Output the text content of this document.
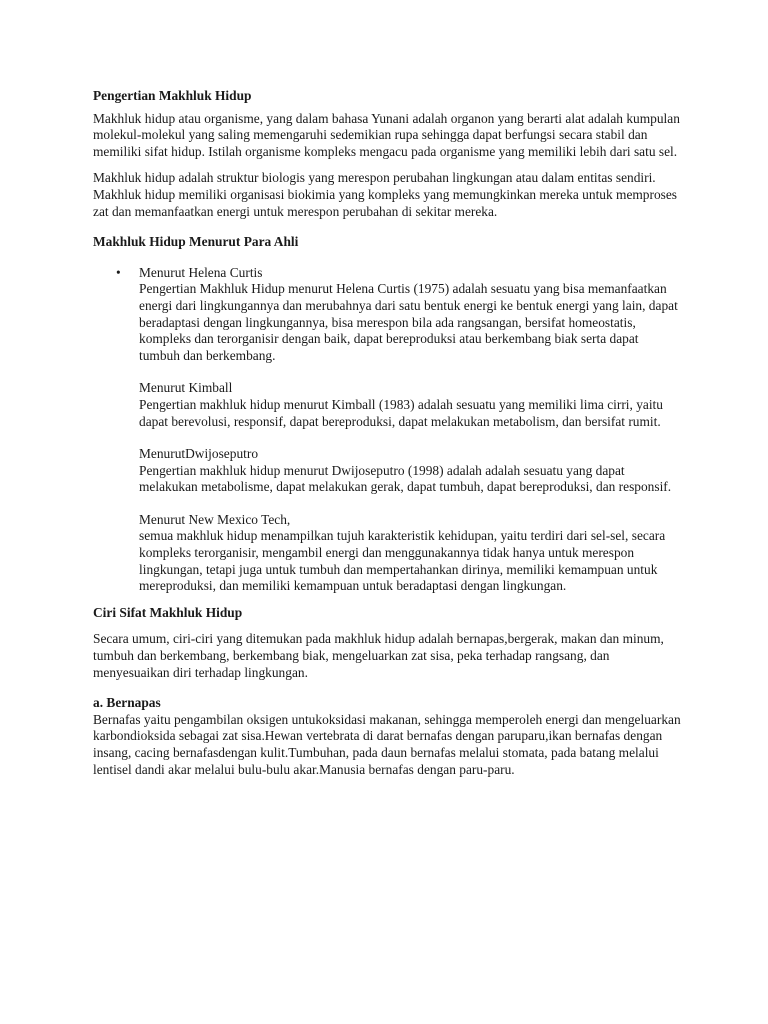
Pengertian Makhluk Hidup

Makhluk hidup atau organisme, yang dalam bahasa Yunani adalah organon yang berarti alat adalah kumpulan molekul-molekul yang saling memengaruhi sedemikian rupa sehingga dapat berfungsi secara stabil dan memiliki sifat hidup. Istilah organisme kompleks mengacu pada organisme yang memiliki lebih dari satu sel.

Makhluk hidup adalah struktur biologis yang merespon perubahan lingkungan atau dalam entitas sendiri. Makhluk hidup memiliki organisasi biokimia yang kompleks yang memungkinkan mereka untuk memproses zat dan memanfaatkan energi untuk merespon perubahan di sekitar mereka.

Makhluk Hidup Menurut Para Ahli
• Menurut Helena Curtis
Pengertian Makhluk Hidup menurut Helena Curtis (1975) adalah sesuatu yang bisa memanfaatkan energi dari lingkungannya dan merubahnya dari satu bentuk energi ke bentuk energi yang lain, dapat beradaptasi dengan lingkungannya, bisa merespon bila ada rangsangan, bersifat homeostatis, kompleks dan terorganisir dengan baik, dapat bereproduksi atau berkembang biak serta dapat tumbuh dan berkembang.
Menurut Kimball
Pengertian makhluk hidup menurut Kimball (1983) adalah sesuatu yang memiliki lima cirri, yaitu dapat berevolusi, responsif, dapat bereproduksi, dapat melakukan metabolism, dan bersifat rumit.
MenurutDwijoseputro
Pengertian makhluk hidup menurut Dwijoseputro (1998) adalah adalah sesuatu yang dapat melakukan metabolisme, dapat melakukan gerak, dapat tumbuh, dapat bereproduksi, dan responsif.
Menurut New Mexico Tech,
semua makhluk hidup menampilkan tujuh karakteristik kehidupan, yaitu terdiri dari sel-sel, secara kompleks terorganisir, mengambil energi dan menggunakannya tidak hanya untuk merespon lingkungan, tetapi juga untuk tumbuh dan mempertahankan dirinya, memiliki kemampuan untuk mereproduksi, dan memiliki kemampuan untuk beradaptasi dengan lingkungan.
Ciri Sifat Makhluk Hidup

Secara umum, ciri-ciri yang ditemukan pada makhluk hidup adalah bernapas,bergerak, makan dan minum, tumbuh dan berkembang, berkembang biak, mengeluarkan zat sisa, peka terhadap rangsang, dan menyesuaikan diri terhadap lingkungan.

a. Bernapas

Bernafas yaitu pengambilan oksigen untukoksidasi makanan, sehingga memperoleh energi dan mengeluarkan karbondioksida sebagai zat sisa.Hewan vertebrata di darat bernafas dengan paruparu,ikan bernafas dengan insang, cacing bernafasdengan kulit.Tumbuhan, pada daun bernafas melalui stomata, pada batang melalui lentisel dandi akar melalui bulu-bulu akar.Manusia bernafas dengan paru-paru.
